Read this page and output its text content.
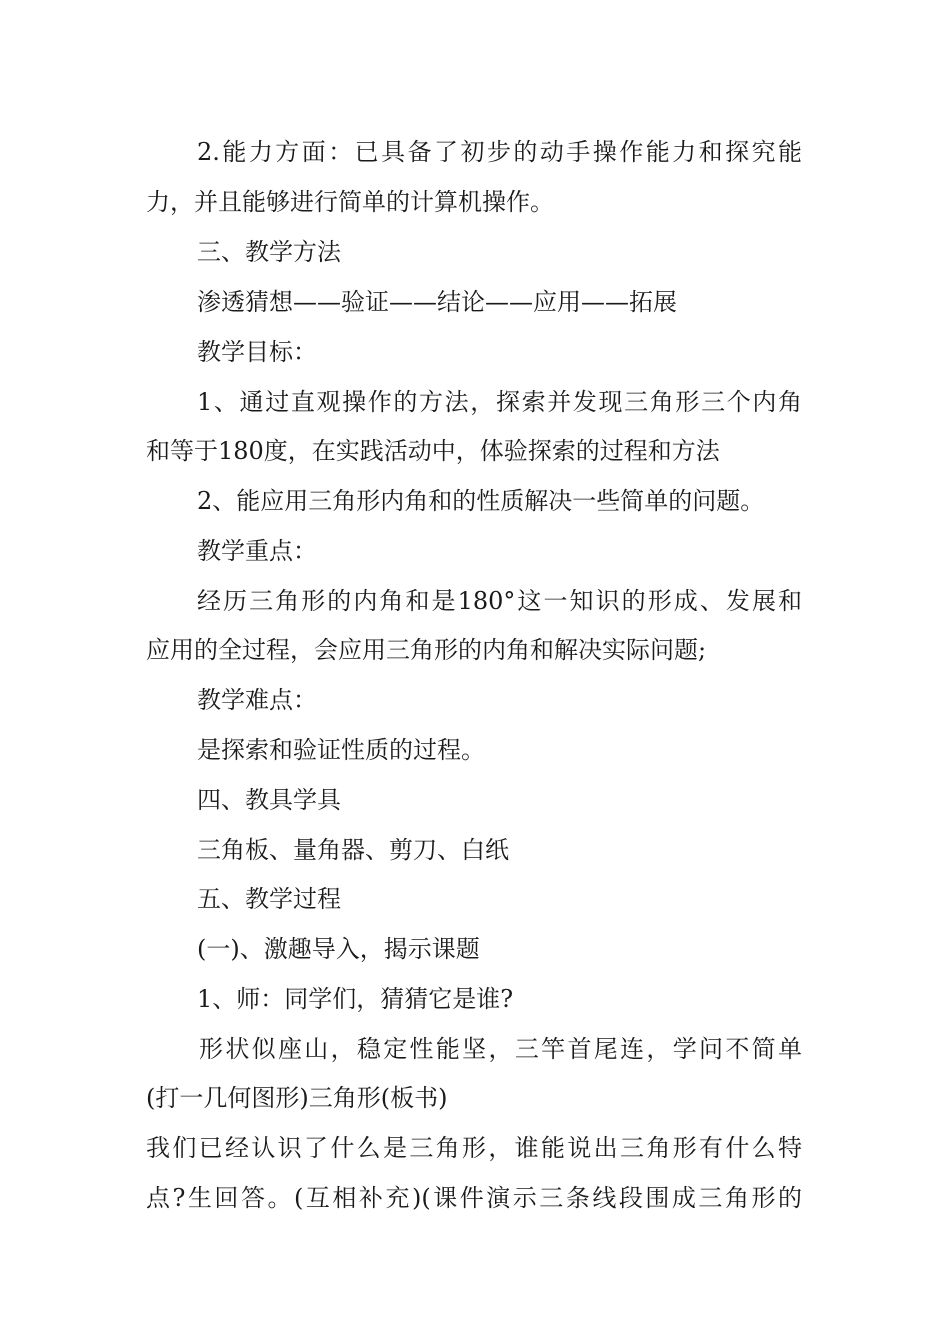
2.能力方面：已具备了初步的动手操作能力和探究能
力，并且能够进行简单的计算机操作。
三、教学方法
渗透猜想——验证——结论——应用——拓展
教学目标：
1、通过直观操作的方法，探索并发现三角形三个内角
和等于180度，在实践活动中，体验探索的过程和方法
2、能应用三角形内角和的性质解决一些简单的问题。
教学重点：
经历三角形的内角和是180°这一知识的形成、发展和
应用的全过程，会应用三角形的内角和解决实际问题;
教学难点：
是探索和验证性质的过程。
四、教具学具
三角板、量角器、剪刀、白纸
五、教学过程
(一)、激趣导入，揭示课题
1、师：同学们，猜猜它是谁?
形状似座山，稳定性能坚，三竿首尾连，学问不简单
(打一几何图形)三角形(板书)
我们已经认识了什么是三角形，谁能说出三角形有什么特
点?生回答。(互相补充)(课件演示三条线段围成三角形的
